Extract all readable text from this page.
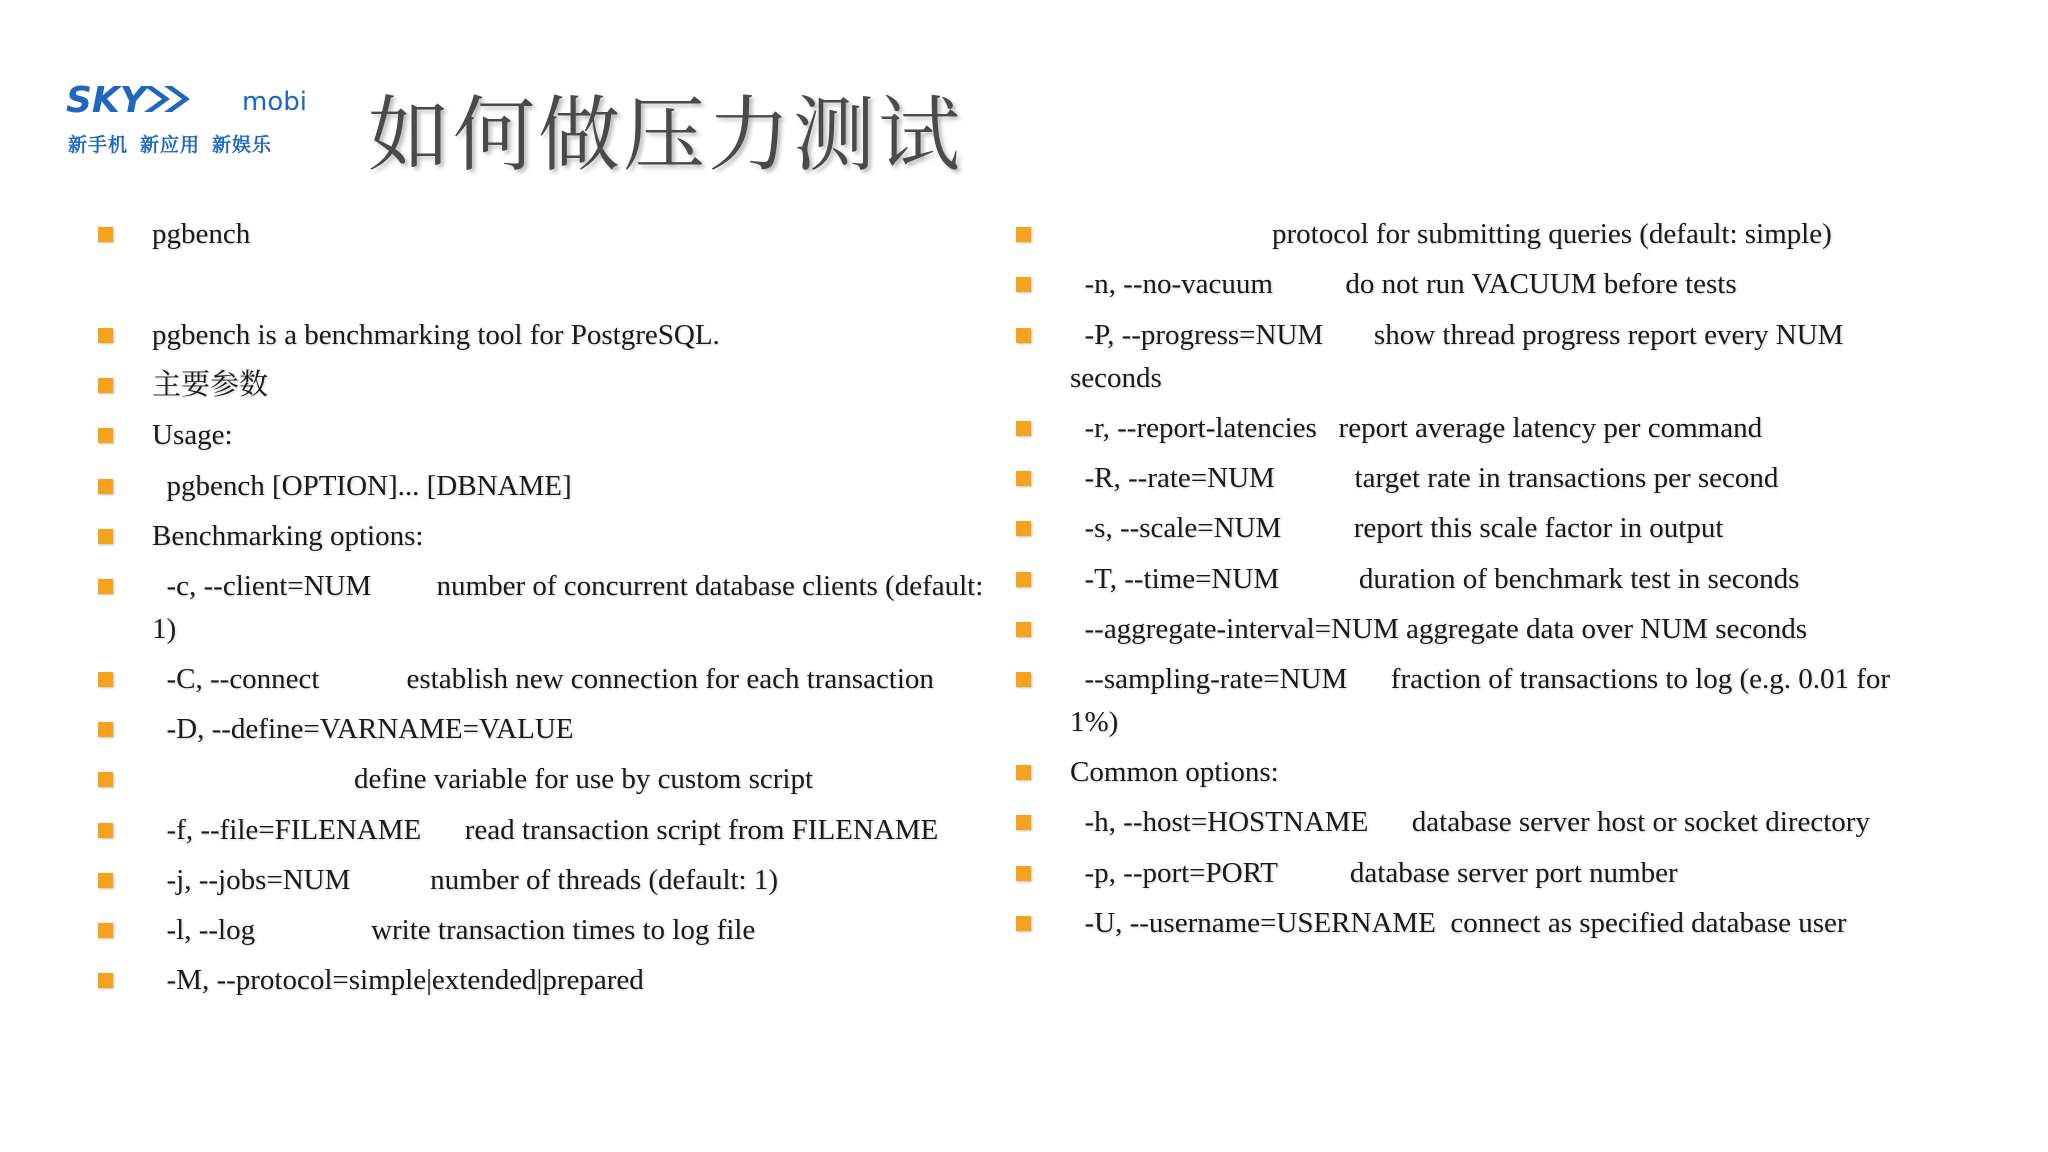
SKY	mobi
新手机 新应用 新娱乐 如何做压力测试
pgbench
pgbench is a benchmarking tool for PostgreSQL.
主要参数
Usage:
pgbench [OPTION]... [DBNAME]
Benchmarking options:
-c, --client=NUM         number of concurrent database clients (default:
1)
-C, --connect            establish new connection for each transaction
-D, --define=VARNAME=VALUE
define variable for use by custom script
-f, --file=FILENAME      read transaction script from FILENAME
-j, --jobs=NUM           number of threads (default: 1)
-l, --log                write transaction times to log file
-M, --protocol=simple|extended|prepared
protocol for submitting queries (default: simple)
-n, --no-vacuum          do not run VACUUM before tests
-P, --progress=NUM       show thread progress report every NUM
seconds
-r, --report-latencies   report average latency per command
-R, --rate=NUM           target rate in transactions per second
-s, --scale=NUM          report this scale factor in output
-T, --time=NUM           duration of benchmark test in seconds
--aggregate-interval=NUM aggregate data over NUM seconds
--sampling-rate=NUM      fraction of transactions to log (e.g. 0.01 for
1%)
Common options:
-h, --host=HOSTNAME      database server host or socket directory
-p, --port=PORT          database server port number
-U, --username=USERNAME  connect as specified database user
